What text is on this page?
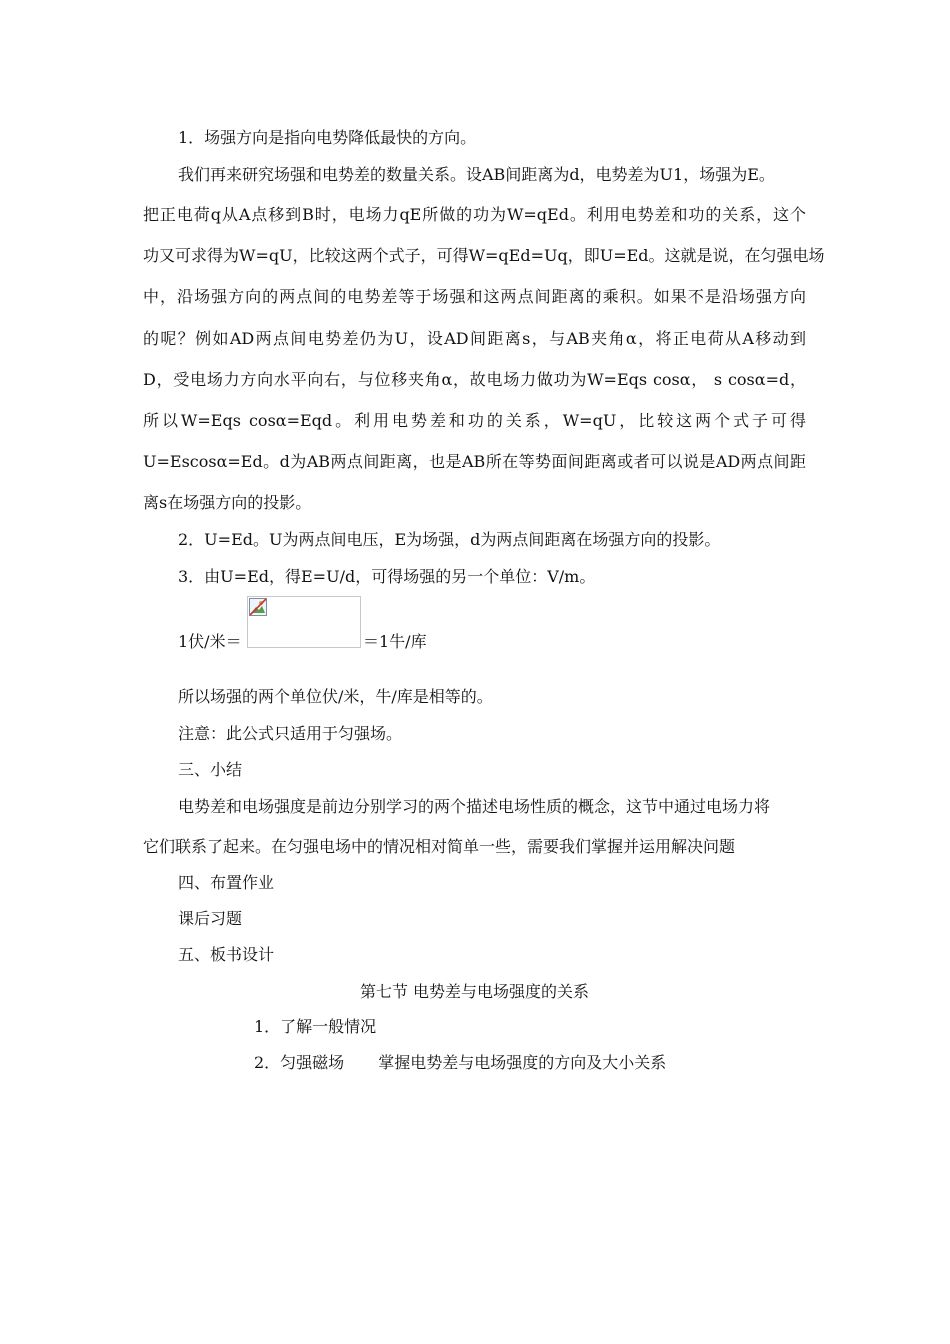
1．场强方向是指向电势降低最快的方向。
我们再来研究场强和电势差的数量关系。设AB间距离为d，电势差为U1，场强为E。
把正电荷q从A点移到B时，电场力qE所做的功为W=qEd。利用电势差和功的关系，这个
功又可求得为W=qU，比较这两个式子，可得W=qEd=Uq，即U=Ed。这就是说，在匀强电场
中，沿场强方向的两点间的电势差等于场强和这两点间距离的乘积。如果不是沿场强方向
的呢？例如AD两点间电势差仍为U，设AD间距离s，与AB夹角α，将正电荷从A移动到
D，受电场力方向水平向右，与位移夹角α，故电场力做功为W=Eqs cosα， s cosα=d，
所以W=Eqs cosα=Eqd。利用电势差和功的关系，W=qU，比较这两个式子可得
U=Escosα=Ed。d为AB两点间距离，也是AB所在等势面间距离或者可以说是AD两点间距
离s在场强方向的投影。
2．U=Ed。U为两点间电压，E为场强，d为两点间距离在场强方向的投影。
3．由U=Ed，得E=U/d，可得场强的另一个单位：V/m。
1伏/米＝	＝1牛/库
所以场强的两个单位伏/米，牛/库是相等的。
注意：此公式只适用于匀强场。
三、小结
电势差和电场强度是前边分别学习的两个描述电场性质的概念，这节中通过电场力将
它们联系了起来。在匀强电场中的情况相对简单一些，需要我们掌握并运用解决问题
四、布置作业
课后习题
五、板书设计
第七节 电势差与电场强度的关系
1．了解一般情况
2．匀强磁场 掌握电势差与电场强度的方向及大小关系
